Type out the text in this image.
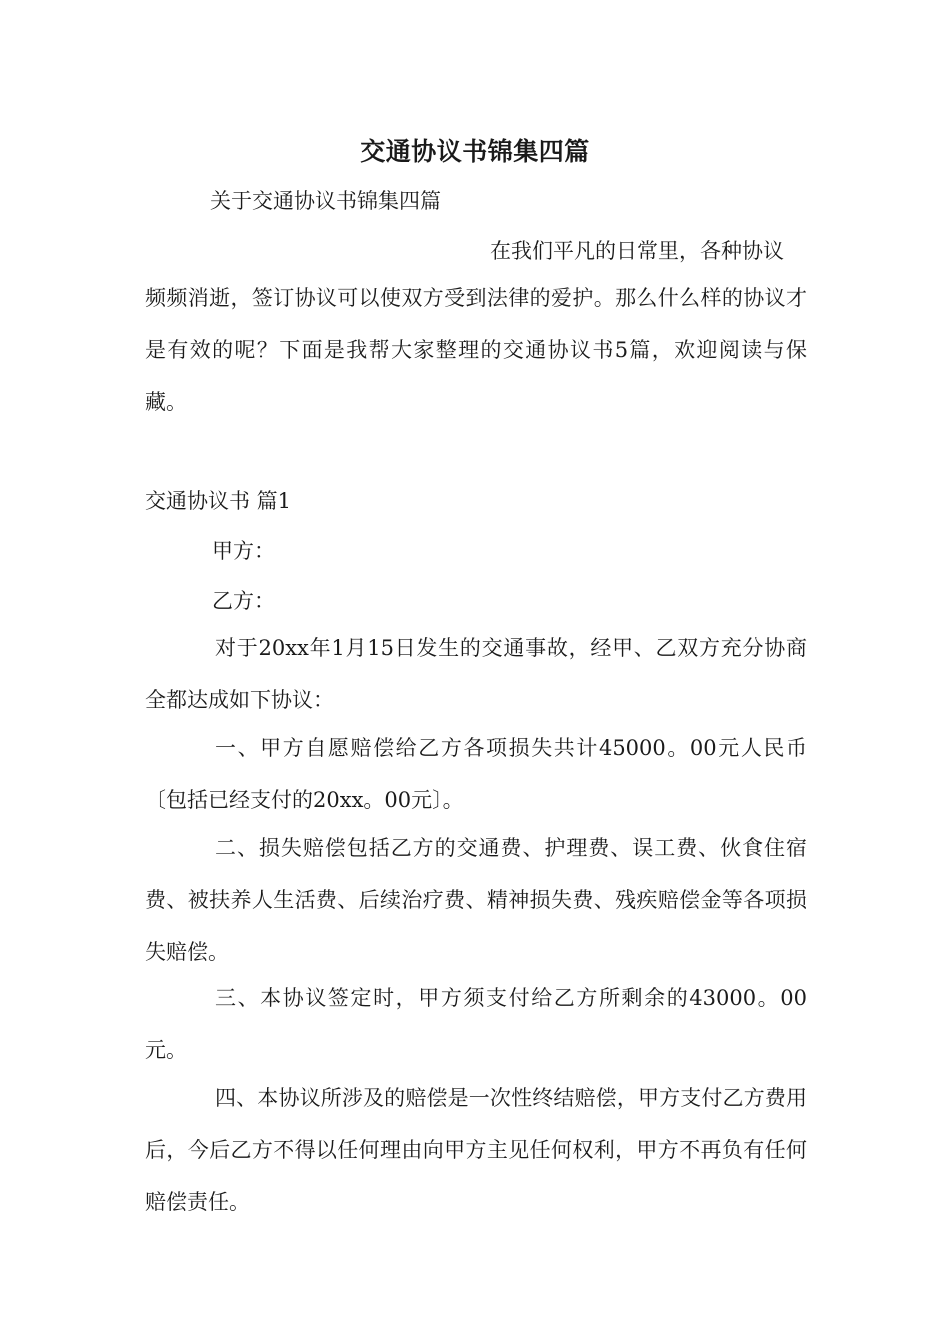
交通协议书锦集四篇

关于交通协议书锦集四篇

在我们平凡的日常里，各种协议

频频消逝，签订协议可以使双方受到法律的爱护。那么什么样的协议才是有效的呢？下面是我帮大家整理的交通协议书5篇，欢迎阅读与保藏。

交通协议书 篇1

甲方：

乙方：

对于20xx年1月15日发生的交通事故，经甲、乙双方充分协商全都达成如下协议：

一、甲方自愿赔偿给乙方各项损失共计45000。00元人民币〔包括已经支付的20xx。00元〕。

二、损失赔偿包括乙方的交通费、护理费、误工费、伙食住宿费、被扶养人生活费、后续治疗费、精神损失费、残疾赔偿金等各项损失赔偿。

三、本协议签定时，甲方须支付给乙方所剩余的43000。00元。

四、本协议所涉及的赔偿是一次性终结赔偿，甲方支付乙方费用后，今后乙方不得以任何理由向甲方主见任何权利，甲方不再负有任何赔偿责任。
